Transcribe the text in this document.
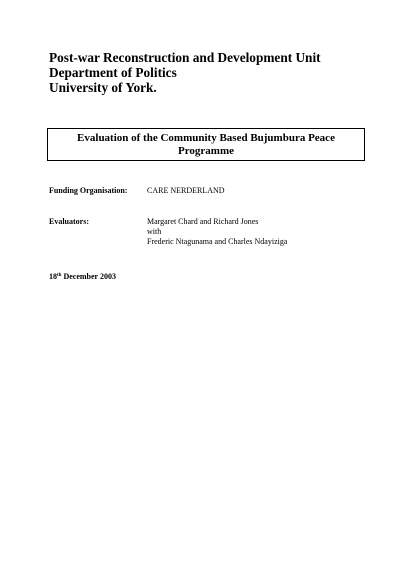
Post-war Reconstruction and Development Unit
Department of Politics
University of York.
Evaluation of the Community Based Bujumbura Peace
Programme
Funding Organisation: CARE NERDERLAND
Evaluators:	Margaret Chard and Richard Jones
with
Frederic Ntagunama and Charles Ndayiziga
18th December 2003
